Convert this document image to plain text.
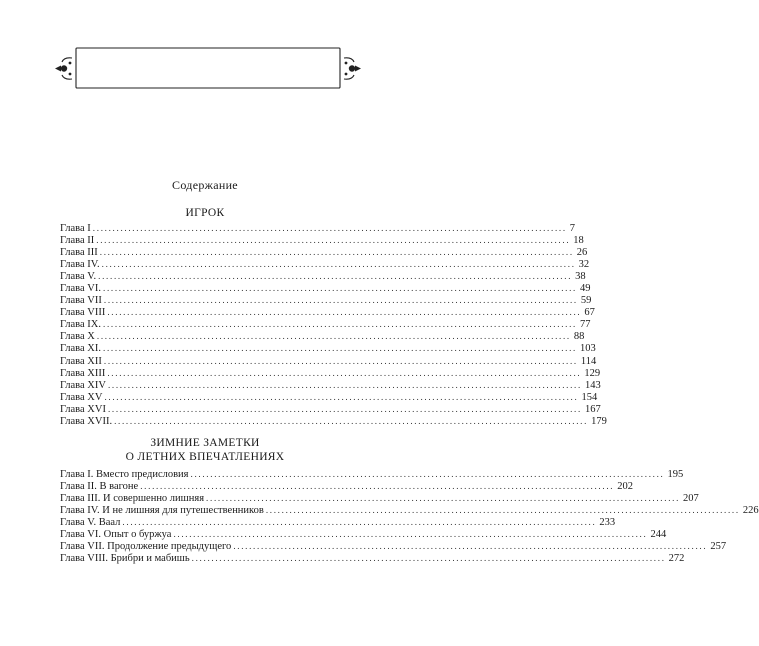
Содержание
ИГРОК
Глава I ........................................................................................................................ 7
Глава II ........................................................................................................................ 18
Глава III ........................................................................................................................ 26
Глава IV. ........................................................................................................................ 32
Глава V. ........................................................................................................................ 38
Глава VI. ........................................................................................................................ 49
Глава VII ........................................................................................................................ 59
Глава VIII ........................................................................................................................ 67
Глава IX. ........................................................................................................................ 77
Глава X ........................................................................................................................ 88
Глава XI. ........................................................................................................................ 103
Глава XII ........................................................................................................................ 114
Глава XIII ........................................................................................................................ 129
Глава XIV ........................................................................................................................ 143
Глава XV ........................................................................................................................ 154
Глава XVI ........................................................................................................................ 167
Глава XVII. ........................................................................................................................ 179
ЗИМНИЕ ЗАМЕТКИ
О ЛЕТНИХ ВПЕЧАТЛЕНИЯХ
Глава I. Вместо предисловия ........................................................................................................................ 195
Глава II. В вагоне ........................................................................................................................ 202
Глава III. И совершенно лишняя ........................................................................................................................ 207
Глава IV. И не лишняя для путешественников ........................................................................................................................ 226
Глава V. Ваал ........................................................................................................................ 233
Глава VI. Опыт о буржуа ........................................................................................................................ 244
Глава VII. Продолжение предыдущего ........................................................................................................................ 257
Глава VIII. Брибри и мабишь ........................................................................................................................ 272
